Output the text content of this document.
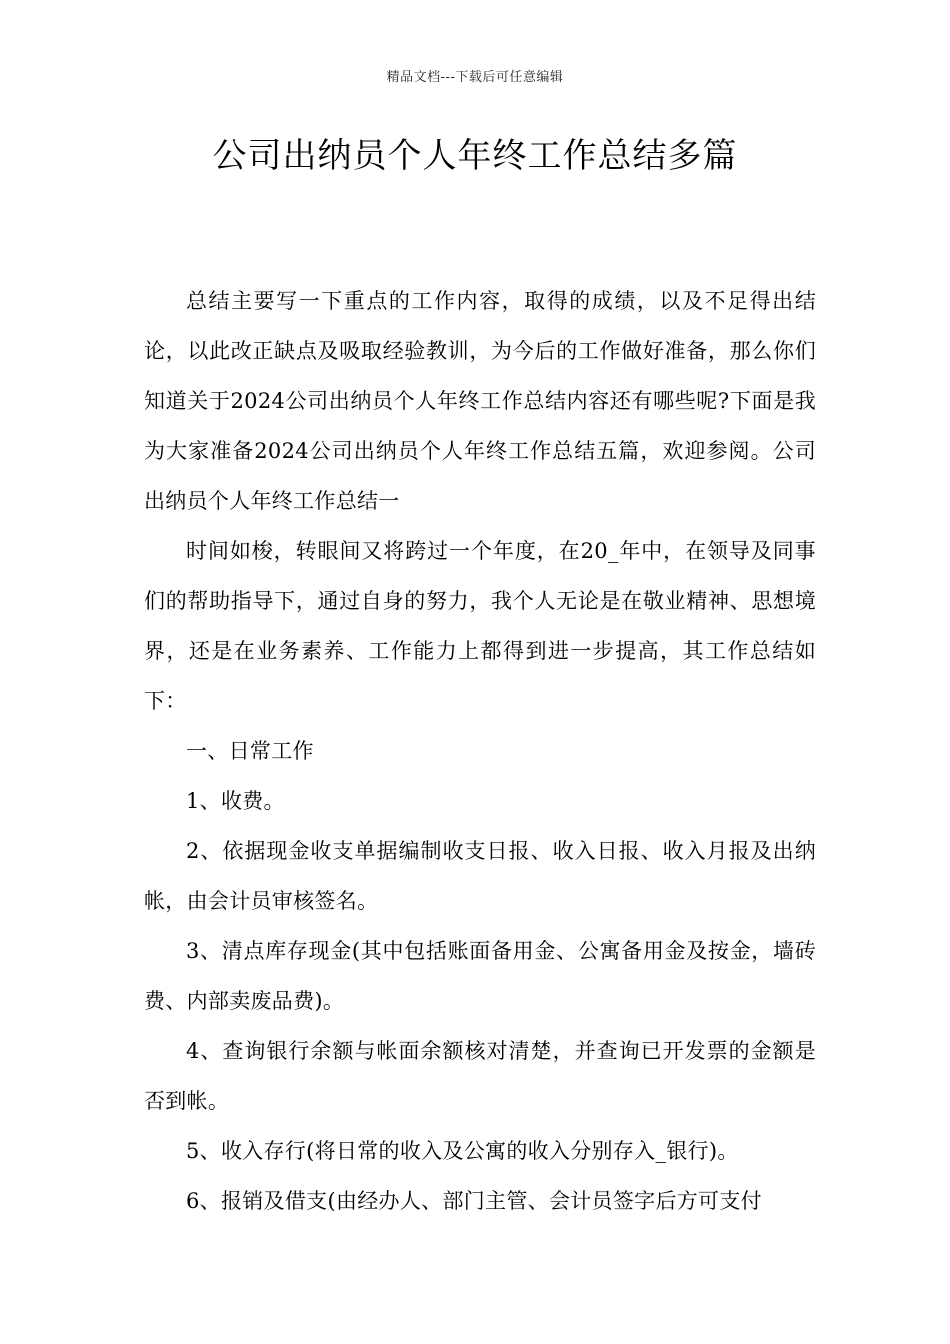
精品文档---下载后可任意编辑
公司出纳员个人年终工作总结多篇

总结主要写一下重点的工作内容，取得的成绩，以及不足得出结论，以此改正缺点及吸取经验教训，为今后的工作做好准备，那么你们知道关于2024公司出纳员个人年终工作总结内容还有哪些呢?下面是我为大家准备2024公司出纳员个人年终工作总结五篇，欢迎参阅。公司出纳员个人年终工作总结一

时间如梭，转眼间又将跨过一个年度，在20_年中，在领导及同事们的帮助指导下，通过自身的努力，我个人无论是在敬业精神、思想境界，还是在业务素养、工作能力上都得到进一步提高，其工作总结如下：

一、日常工作

1、收费。

2、依据现金收支单据编制收支日报、收入日报、收入月报及出纳帐，由会计员审核签名。

3、清点库存现金(其中包括账面备用金、公寓备用金及按金，墙砖费、内部卖废品费)。

4、查询银行余额与帐面余额核对清楚，并查询已开发票的金额是否到帐。

5、收入存行(将日常的收入及公寓的收入分别存入_银行)。

6、报销及借支(由经办人、部门主管、会计员签字后方可支付
